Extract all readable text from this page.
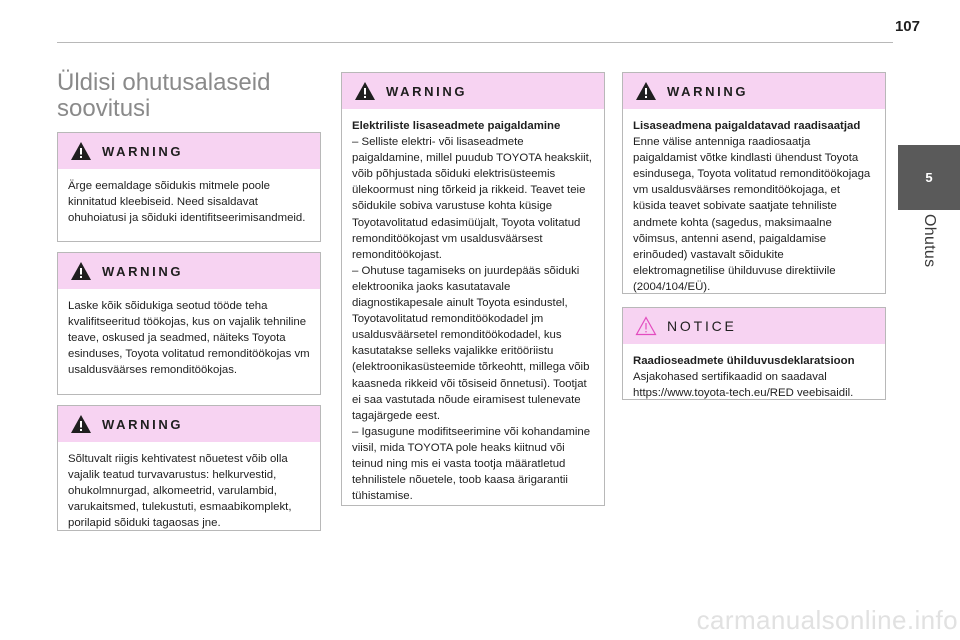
107
5
Ohutus
Üldisi ohutusalaseid soovitusi
WARNING

Ärge eemaldage sõidukis mitmele poole kinnitatud kleebiseid. Need sisaldavat ohuhoiatusi ja sõiduki identifitseerimisandmeid.

WARNING

Laske kõik sõidukiga seotud tööde teha kvalifitseeritud töökojas, kus on vajalik tehniline teave, oskused ja seadmed, näiteks Toyota esinduses, Toyota volitatud remonditöökojas vm usaldusväärses remonditöökojas.

WARNING

Sõltuvalt riigis kehtivatest nõuetest võib olla vajalik teatud turvavarustus: helkurvestid, ohukolmnurgad, alkomeetrid, varulambid, varukaitsmed, tulekustuti, esmaabikomplekt, porilapid sõiduki tagaosas jne.

WARNING

Elektriliste lisaseadmete paigaldamine

– Selliste elektri- või lisaseadmete paigaldamine, millel puudub TOYOTA heakskiit, võib põhjustada sõiduki elektrisüsteemis ülekoormust ning tõrkeid ja rikkeid. Teavet teie sõidukile sobiva varustuse kohta küsige Toyotavolitatud edasimüüjalt, Toyota volitatud remonditöökojast vm usaldusväärsest remonditöökojast.

– Ohutuse tagamiseks on juurdepääs sõiduki elektroonika jaoks kasutatavale diagnostikapesale ainult Toyota esindustel, Toyotavolitatud remonditöökodadel jm usaldusväärsetel remonditöökodadel, kus kasutatakse selleks vajalikke eritööriistu (elektroonikasüsteemide tõrkeohtt, millega võib kaasneda rikkeid või tõsiseid õnnetusi). Tootjat ei saa vastutada nõude eiramisest tulenevate tagajärgede eest.

– Igasugune modifitseerimine või kohandamine viisil, mida TOYOTA pole heaks kiitnud või teinud ning mis ei vasta tootja määratletud tehnilistele nõuetele, toob kaasa ärigarantii tühistamise.

WARNING

Lisaseadmena paigaldatavad raadisaatjad

Enne välise antenniga raadiosaatja paigaldamist võtke kindlasti ühendust Toyota esindusega, Toyota volitatud remonditöökojaga vm usaldusväärses remonditöökojaga, et küsida teavet sobivate saatjate tehniliste andmete kohta (sagedus, maksimaalne võimsus, antenni asend, paigaldamise erinõuded) vastavalt sõidukite elektromagnetilise ühilduvuse direktiivile (2004/104/EÜ).

NOTICE

Raadioseadmete ühilduvusdeklaratsioon

Asjakohased sertifikaadid on saadaval https://www.toyota-tech.eu/RED veebisaidil.

carmanualsonline.info
